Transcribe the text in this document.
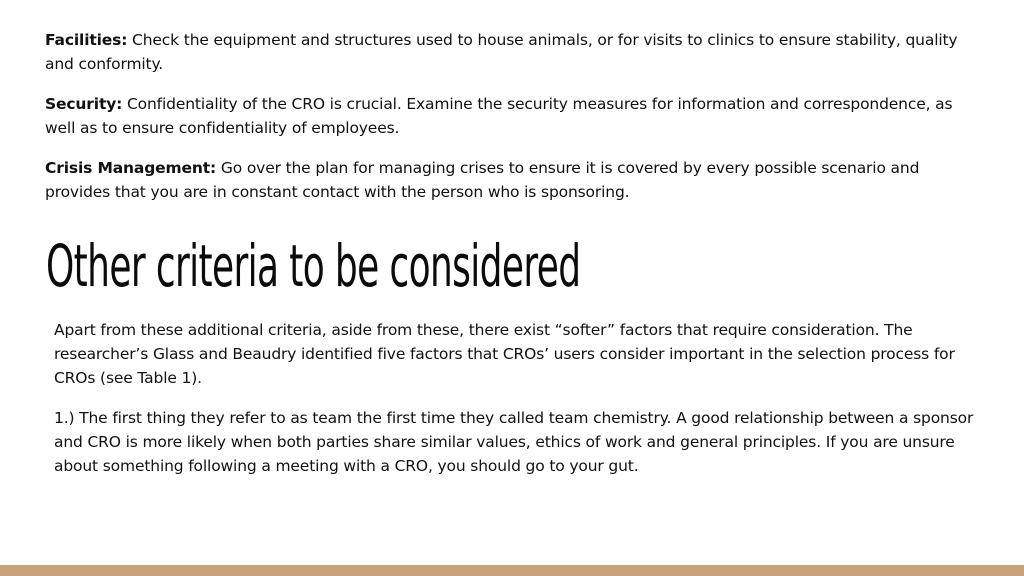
Facilities: Check the equipment and structures used to house animals, or for visits to clinics to ensure stability, quality and conformity.

Security: Confidentiality of the CRO is crucial. Examine the security measures for information and correspondence, as well as to ensure confidentiality of employees.

Crisis Management: Go over the plan for managing crises to ensure it is covered by every possible scenario and provides that you are in constant contact with the person who is sponsoring.

Other criteria to be considered

Apart from these additional criteria, aside from these, there exist “softer” factors that require consideration. The researcher’s Glass and Beaudry identified five factors that CROs’ users consider important in the selection process for CROs (see Table 1).

1.) The first thing they refer to as team the first time they called team chemistry. A good relationship between a sponsor and CRO is more likely when both parties share similar values, ethics of work and general principles. If you are unsure about something following a meeting with a CRO, you should go to your gut.
